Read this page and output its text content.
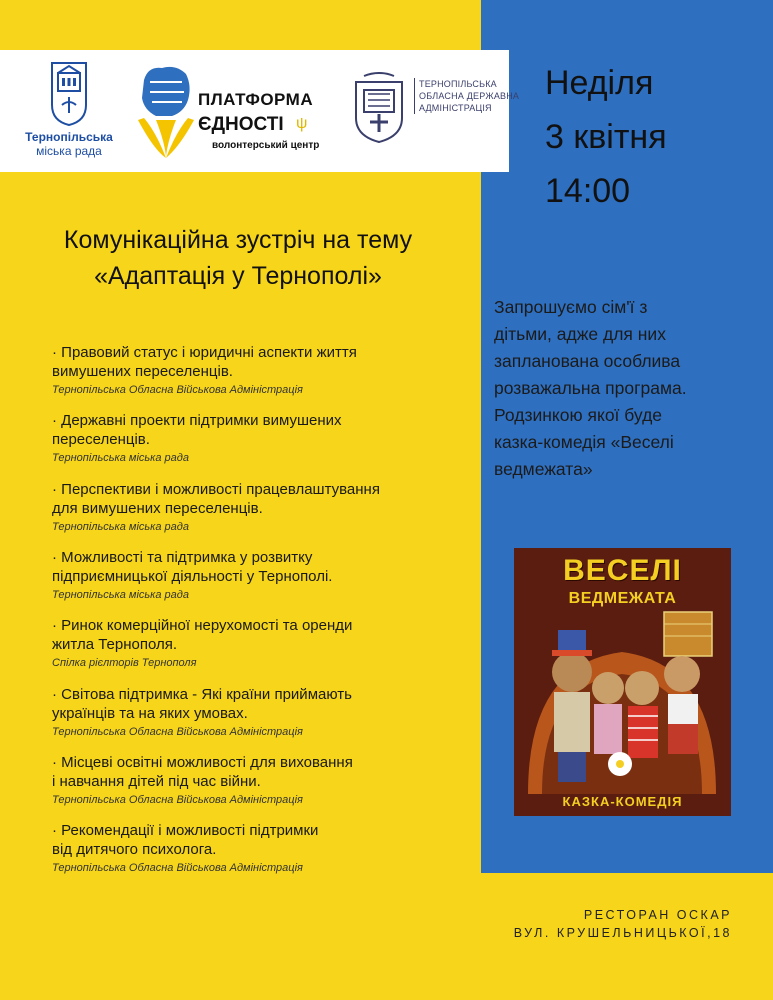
Тернопільська
міська рада
ПЛАТФОРМА
ЄДНОСТІ ψ
волонтерський центр
ТЕРНОПІЛЬСЬКА
ОБЛАСНА ДЕРЖАВНА
АДМІНІСТРАЦІЯ
Неділя
3 квітня
14:00
Комунікаційна зустріч на тему
«Адаптація у Тернополі»
· Правовий статус і юридичні аспекти життя
вимушених переселенців.
Тернопільська Обласна Військова Адміністрація
· Державні проекти підтримки вимушених
переселенців.
Тернопільська міська рада
· Перспективи і можливості працевлаштування
для вимушених переселенців.
Тернопільська міська рада
· Можливості та підтримка у розвитку
підприємницької діяльності у Тернополі.
Тернопільська міська рада
· Ринок комерційної нерухомості та оренди
житла Тернополя.
Спілка рієлторів Тернополя
· Світова підтримка - Які країни приймають
українців та на яких умовах.
Тернопільська Обласна Військова Адміністрація
· Місцеві освітні можливості для виховання
і навчання дітей під час війни.
Тернопільська Обласна Військова Адміністрація
· Рекомендації і можливості підтримки
від дитячого психолога.
Тернопільська Обласна Військова Адміністрація
Запрошуємо сім'ї з
дітьми, адже для них
запланована особлива
розважальна програма.
Родзинкою якої буде
казка-комедія «Веселі
ведмежата»
ВЕСЕЛІ
ВЕДМЕЖАТА
КАЗКА-КОМЕДІЯ
РЕСТОРАН ОСКАР
ВУЛ. КРУШЕЛЬНИЦЬКОЇ,18
